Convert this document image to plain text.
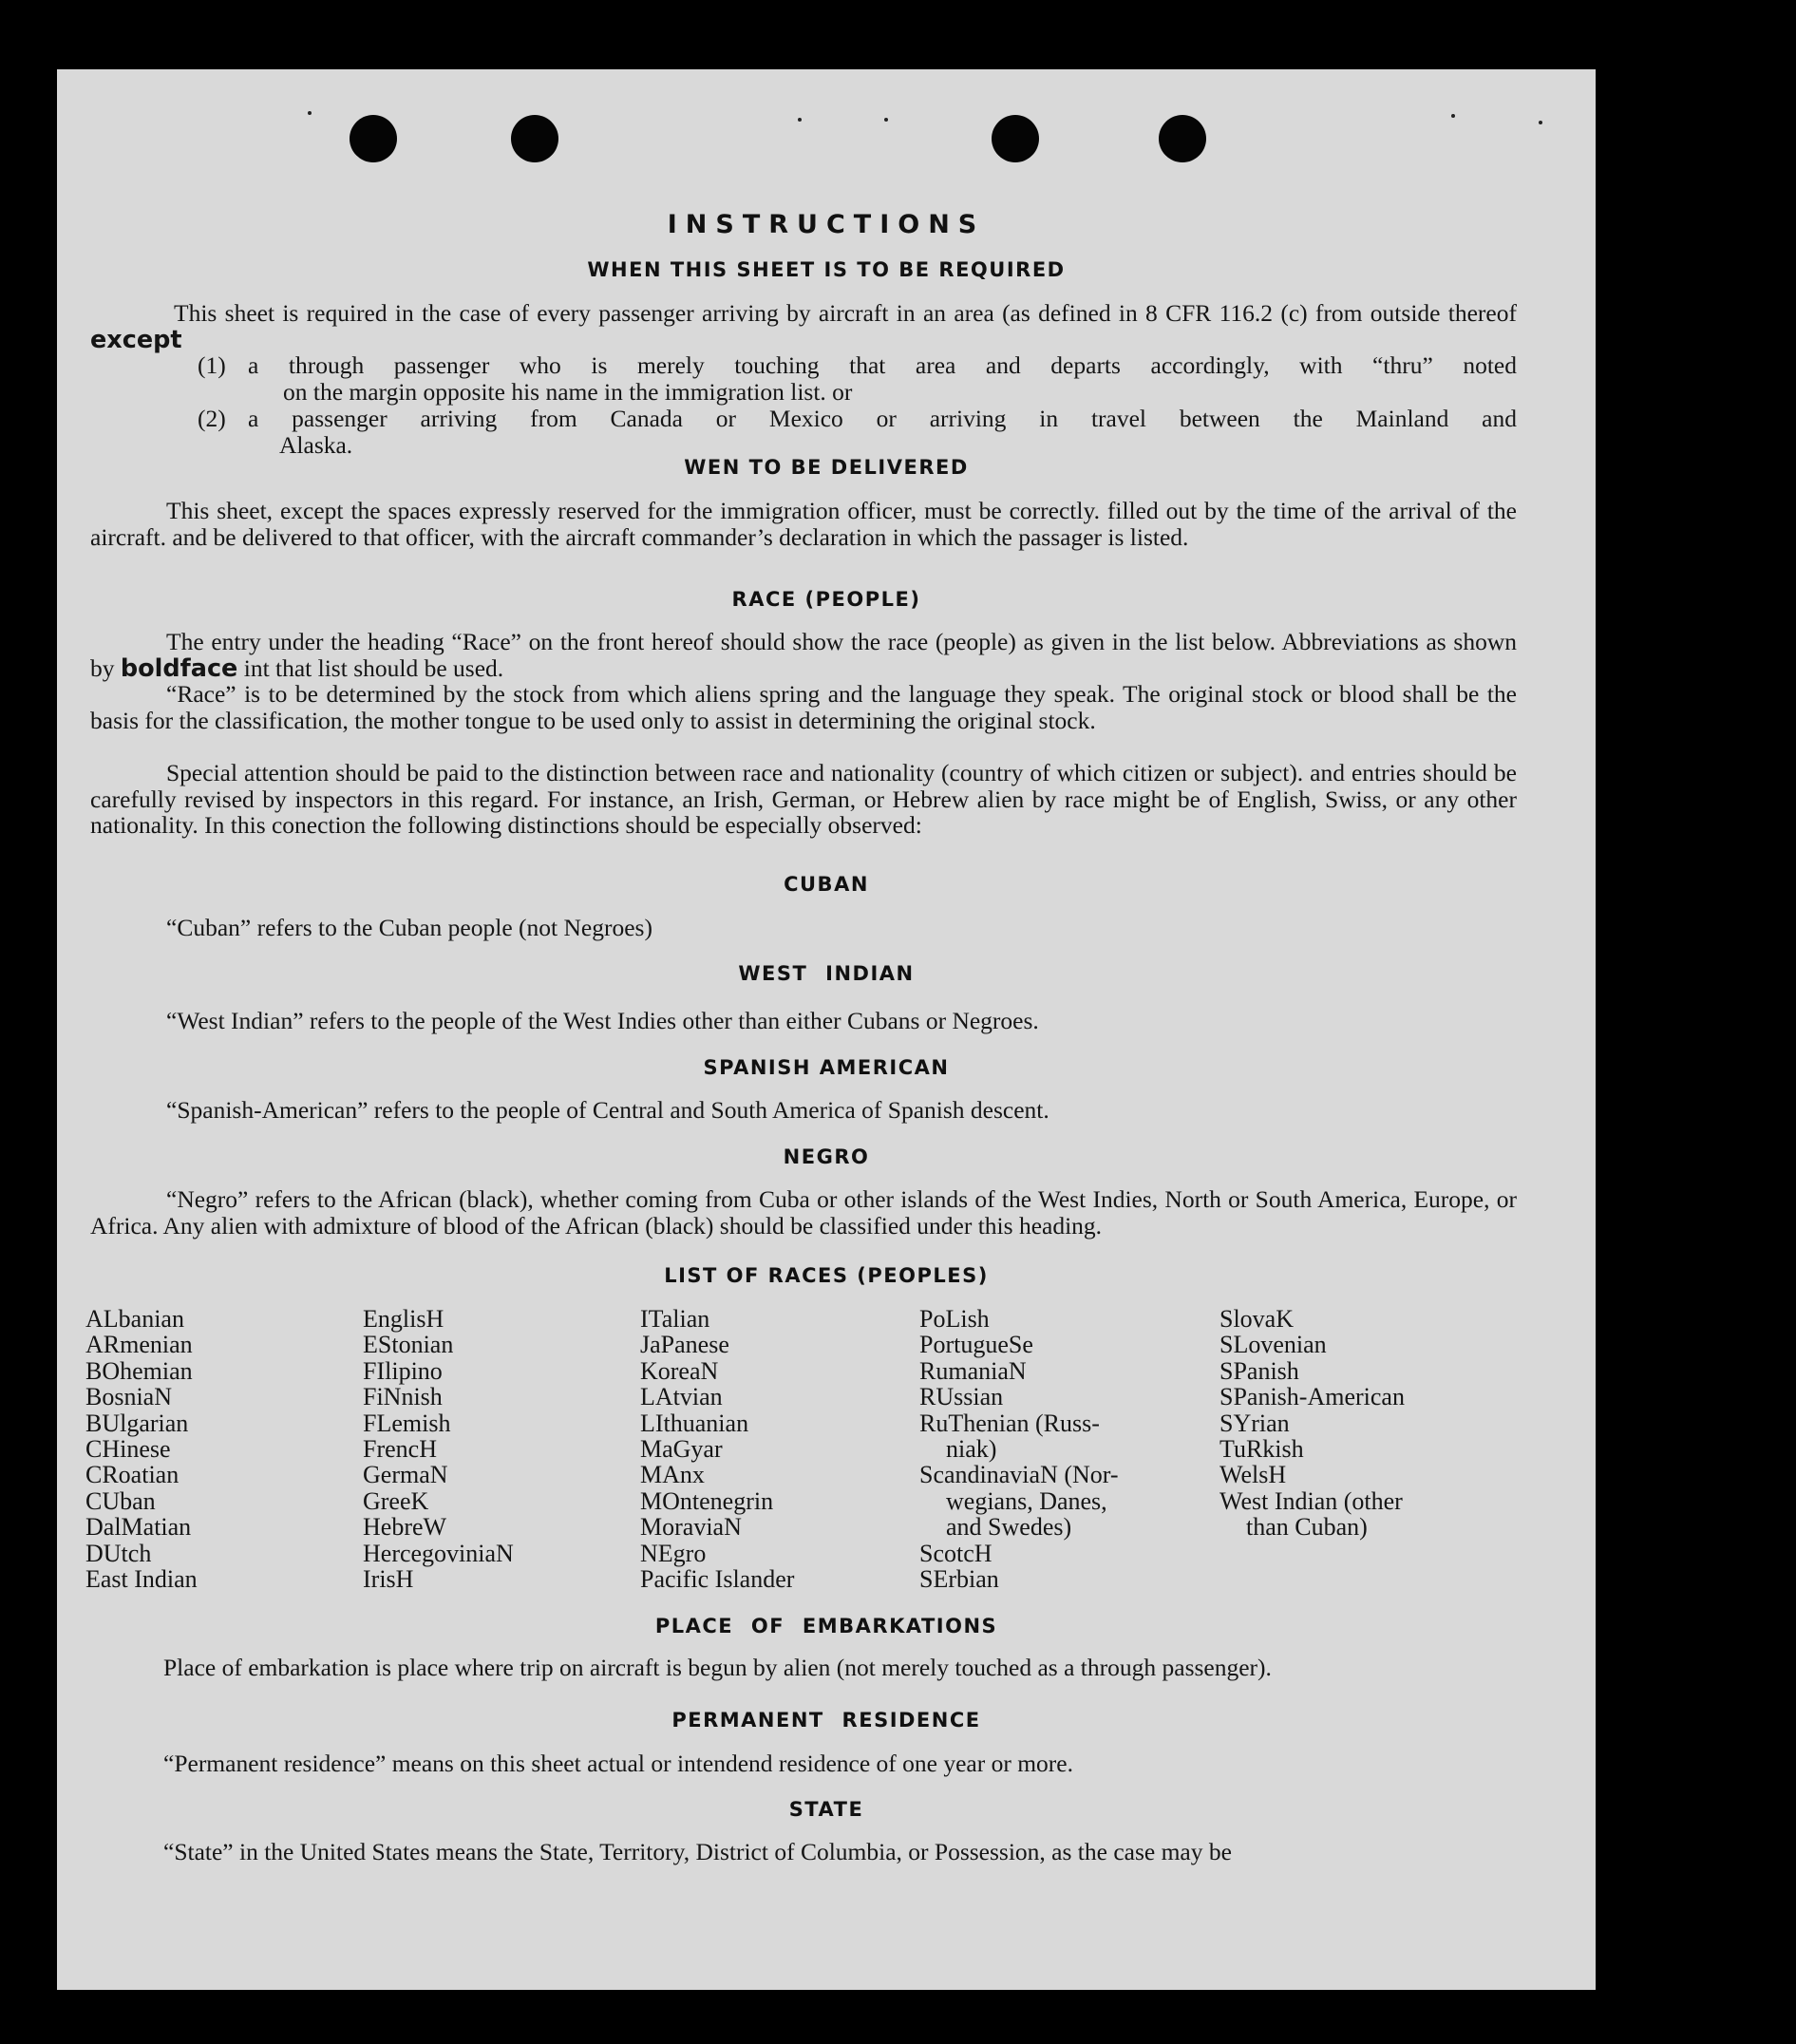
INSTRUCTIONS
WHEN THIS SHEET IS TO BE REQUIRED

This sheet is required in the case of every passenger arriving by aircraft in an area (as defined in 8 CFR 116.2 (c) from outside thereof except

(1) a through passenger who is merely touching that area and departs accordingly, with “thru” noted
on the margin opposite his name in the immigration list. or
(2) a passenger arriving from Canada or Mexico or arriving in travel between the Mainland and
Alaska.
WEN TO BE DELIVERED

This sheet, except the spaces expressly reserved for the immigration officer, must be correctly. filled out by the time of the arrival of the aircraft. and be delivered to that officer, with the aircraft commander’s declaration in which the passager is listed.

RACE (PEOPLE)

The entry under the heading “Race” on the front hereof should show the race (people) as given in the list below. Abbreviations as shown by boldface int that list should be used.

“Race” is to be determined by the stock from which aliens spring and the language they speak. The original stock or blood shall be the basis for the classification, the mother tongue to be used only to assist in determining the original stock.

Special attention should be paid to the distinction between race and nationality (country of which citizen or subject). and entries should be carefully revised by inspectors in this regard. For instance, an Irish, German, or Hebrew alien by race might be of English, Swiss, or any other nationality. In this conection the following distinctions should be especially observed:

CUBAN

“Cuban” refers to the Cuban people (not Negroes)

WEST INDIAN

“West Indian” refers to the people of the West Indies other than either Cubans or Negroes.

SPANISH AMERICAN

“Spanish-American” refers to the people of Central and South America of Spanish descent.

NEGRO

“Negro” refers to the African (black), whether coming from Cuba or other islands of the West Indies, North or South America, Europe, or Africa. Any alien with admixture of blood of the African (black) should be classified under this heading.

LIST OF RACES (PEOPLES)
ALbanian
ARmenian
BOhemian
BosniaN
BUlgarian
CHinese
CRoatian
CUban
DalMatian
DUtch
East Indian
EnglisH
EStonian
FIlipino
FiNnish
FLemish
FrencH
GermaN
GreeK
HebreW
HercegoviniaN
IrisH
ITalian
JaPanese
KoreaN
LAtvian
LIthuanian
MaGyar
MAnx
MOntenegrin
MoraviaN
NEgro
Pacific Islander
PoLish
PortugueSe
RumaniaN
RUssian
RuThenian (Russ-
niak)
ScandinaviaN (Nor-
wegians, Danes,
and Swedes)
ScotcH
SErbian
SlovaK
SLovenian
SPanish
SPanish-American
SYrian
TuRkish
WelsH
West Indian (other
than Cuban)
PLACE OF EMBARKATIONS

Place of embarkation is place where trip on aircraft is begun by alien (not merely touched as a through passenger).

PERMANENT RESIDENCE

“Permanent residence” means on this sheet actual or intendend residence of one year or more.

STATE

“State” in the United States means the State, Territory, District of Columbia, or Possession, as the case may be
